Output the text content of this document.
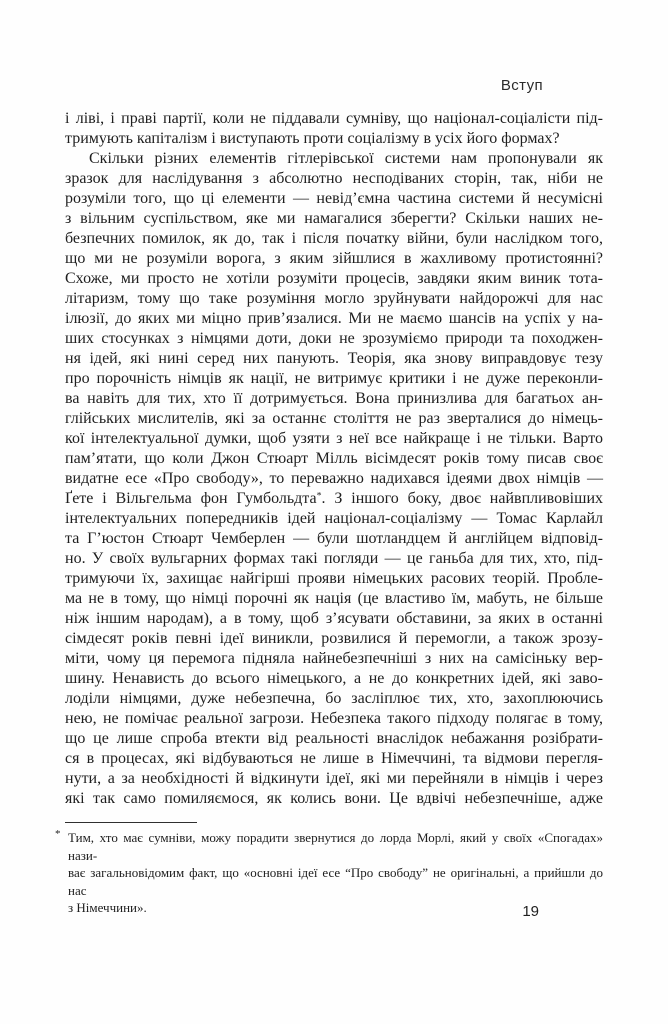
Вступ
і ліві, і праві партії, коли не піддавали сумніву, що націонал-соціалісти під-
тримують капіталізм і виступають проти соціалізму в усіх його формах?
Скільки різних елементів гітлерівської системи нам пропонували як
зразок для наслідування з абсолютно несподіваних сторін, так, ніби не
розуміли того, що ці елементи — невід’ємна частина системи й несумісні
з вільним суспільством, яке ми намагалися зберегти? Скільки наших не-
безпечних помилок, як до, так і після початку війни, були наслідком того,
що ми не розуміли ворога, з яким зійшлися в жахливому протистоянні?
Схоже, ми просто не хотіли розуміти процесів, завдяки яким виник тота-
літаризм, тому що таке розуміння могло зруйнувати найдорожчі для нас
ілюзії, до яких ми міцно прив’язалися. Ми не маємо шансів на успіх у на-
ших стосунках з німцями доти, доки не зрозуміємо природи та походжен-
ня ідей, які нині серед них панують. Теорія, яка знову виправдовує тезу
про порочність німців як нації, не витримує критики і не дуже переконли-
ва навіть для тих, хто її дотримується. Вона принизлива для багатьох ан-
глійських мислителів, які за останнє століття не раз зверталися до німець-
кої інтелектуальної думки, щоб узяти з неї все найкраще і не тільки. Варто
пам’ятати, що коли Джон Стюарт Мілль вісімдесят років тому писав своє
видатне есе «Про свободу», то переважно надихався ідеями двох німців —
Ґете і Вільгельма фон Гумбольдта*. З іншого боку, двоє найвпливовіших
інтелектуальних попередників ідей націонал-соціалізму — Томас Карлайл
та Г’юстон Стюарт Чемберлен — були шотландцем й англійцем відповід-
но. У своїх вульгарних формах такі погляди — це ганьба для тих, хто, під-
тримуючи їх, захищає найгірші прояви німецьких расових теорій. Пробле-
ма не в тому, що німці порочні як нація (це властиво їм, мабуть, не більше
ніж іншим народам), а в тому, щоб з’ясувати обставини, за яких в останні
сімдесят років певні ідеї виникли, розвилися й перемогли, а також зрозу-
міти, чому ця перемога підняла найнебезпечніші з них на самісіньку вер-
шину. Ненависть до всього німецького, а не до конкретних ідей, які заво-
лоділи німцями, дуже небезпечна, бо засліплює тих, хто, захоплюючись
нею, не помічає реальної загрози. Небезпека такого підходу полягає в тому,
що це лише спроба втекти від реальності внаслідок небажання розібрати-
ся в процесах, які відбуваються не лише в Німеччині, та відмови перегля-
нути, а за необхідності й відкинути ідеї, які ми перейняли в німців і через
які так само помиляємося, як колись вони. Це вдвічі небезпечніше, адже
* Тим, хто має сумніви, можу порадити звернутися до лорда Морлі, який у своїх «Спогадах» нази-
ває загальновідомим факт, що «основні ідеї есе “Про свободу” не оригінальні, а прийшли до нас
з Німеччини».	19
